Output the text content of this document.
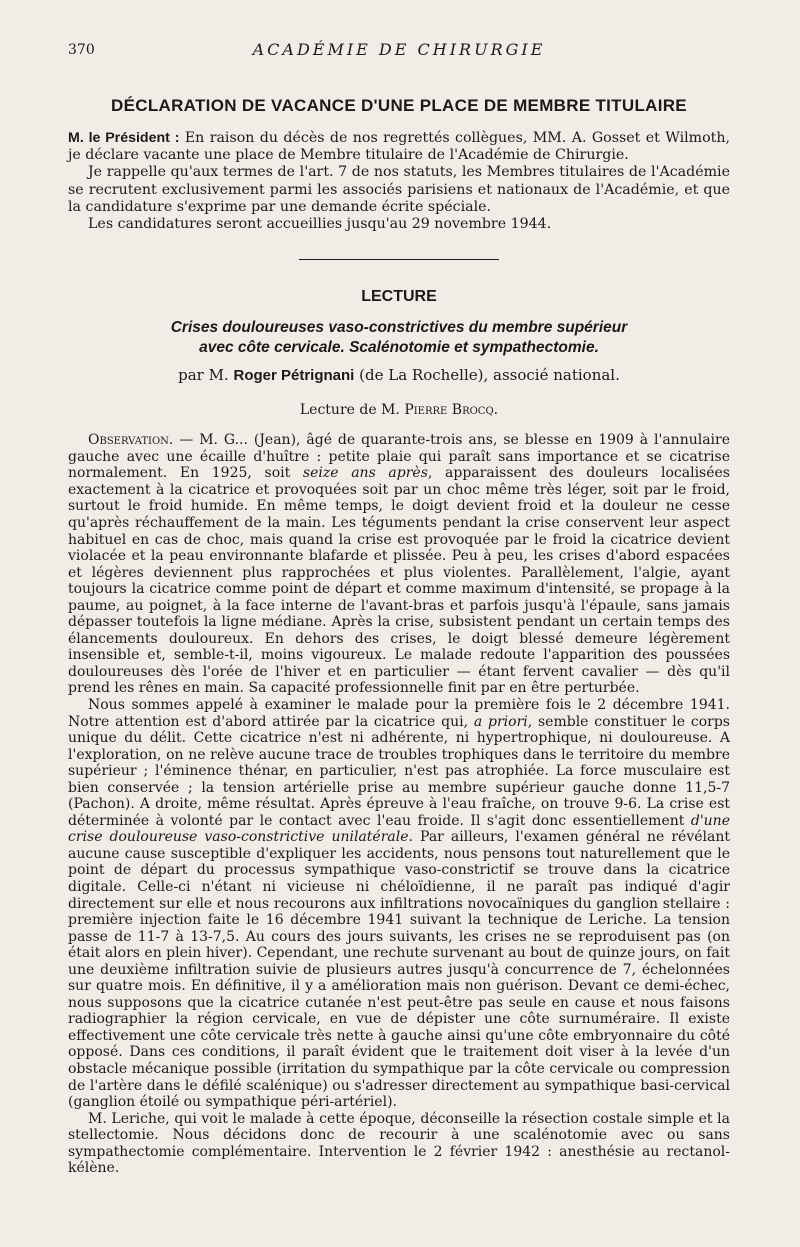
370	ACADÉMIE DE CHIRURGIE
DÉCLARATION DE VACANCE D'UNE PLACE DE MEMBRE TITULAIRE

M. le Président : En raison du décès de nos regrettés collègues, MM. A. Gosset et Wilmoth, je déclare vacante une place de Membre titulaire de l'Académie de Chirurgie.

Je rappelle qu'aux termes de l'art. 7 de nos statuts, les Membres titulaires de l'Académie se recrutent exclusivement parmi les associés parisiens et nationaux de l'Académie, et que la candidature s'exprime par une demande écrite spéciale.

Les candidatures seront accueillies jusqu'au 29 novembre 1944.

LECTURE
Crises douloureuses vaso-constrictives du membre supérieur
avec côte cervicale. Scalénotomie et sympathectomie.
par M. Roger Pétrignani (de La Rochelle), associé national.
Lecture de M. Pierre Brocq.

Observation. — M. G... (Jean), âgé de quarante-trois ans, se blesse en 1909 à l'annulaire gauche avec une écaille d'huître : petite plaie qui paraît sans importance et se cicatrise normalement. En 1925, soit seize ans après, apparaissent des douleurs localisées exactement à la cicatrice et provoquées soit par un choc même très léger, soit par le froid, surtout le froid humide. En même temps, le doigt devient froid et la douleur ne cesse qu'après réchauffement de la main. Les téguments pendant la crise conservent leur aspect habituel en cas de choc, mais quand la crise est provoquée par le froid la cicatrice devient violacée et la peau environnante blafarde et plissée. Peu à peu, les crises d'abord espacées et légères deviennent plus rapprochées et plus violentes. Parallèlement, l'algie, ayant toujours la cicatrice comme point de départ et comme maximum d'intensité, se propage à la paume, au poignet, à la face interne de l'avant-bras et parfois jusqu'à l'épaule, sans jamais dépasser toutefois la ligne médiane. Après la crise, subsistent pendant un certain temps des élancements douloureux. En dehors des crises, le doigt blessé demeure légèrement insensible et, semble-t-il, moins vigoureux. Le malade redoute l'apparition des poussées douloureuses dès l'orée de l'hiver et en particulier — étant fervent cavalier — dès qu'il prend les rênes en main. Sa capacité professionnelle finit par en être perturbée.

Nous sommes appelé à examiner le malade pour la première fois le 2 décembre 1941. Notre attention est d'abord attirée par la cicatrice qui, a priori, semble constituer le corps unique du délit. Cette cicatrice n'est ni adhérente, ni hypertrophique, ni douloureuse. A l'exploration, on ne relève aucune trace de troubles trophiques dans le territoire du membre supérieur ; l'éminence thénar, en particulier, n'est pas atrophiée. La force musculaire est bien conservée ; la tension artérielle prise au membre supérieur gauche donne 11,5-7 (Pachon). A droite, même résultat. Après épreuve à l'eau fraîche, on trouve 9-6. La crise est déterminée à volonté par le contact avec l'eau froide. Il s'agit donc essentiellement d'une crise douloureuse vaso-constrictive unilatérale. Par ailleurs, l'examen général ne révélant aucune cause susceptible d'expliquer les accidents, nous pensons tout naturellement que le point de départ du processus sympathique vaso-constrictif se trouve dans la cicatrice digitale. Celle-ci n'étant ni vicieuse ni chéloïdienne, il ne paraît pas indiqué d'agir directement sur elle et nous recourons aux infiltrations novocaïniques du ganglion stellaire : première injection faite le 16 décembre 1941 suivant la technique de Leriche. La tension passe de 11-7 à 13-7,5. Au cours des jours suivants, les crises ne se reproduisent pas (on était alors en plein hiver). Cependant, une rechute survenant au bout de quinze jours, on fait une deuxième infiltration suivie de plusieurs autres jusqu'à concurrence de 7, échelonnées sur quatre mois. En définitive, il y a amélioration mais non guérison. Devant ce demi-échec, nous supposons que la cicatrice cutanée n'est peut-être pas seule en cause et nous faisons radiographier la région cervicale, en vue de dépister une côte surnuméraire. Il existe effectivement une côte cervicale très nette à gauche ainsi qu'une côte embryonnaire du côté opposé. Dans ces conditions, il paraît évident que le traitement doit viser à la levée d'un obstacle mécanique possible (irritation du sympathique par la côte cervicale ou compression de l'artère dans le défilé scalénique) ou s'adresser directement au sympathique basi-cervical (ganglion étoilé ou sympathique péri-artériel).

M. Leriche, qui voit le malade à cette époque, déconseille la résection costale simple et la stellectomie. Nous décidons donc de recourir à une scalénotomie avec ou sans sympathectomie complémentaire. Intervention le 2 février 1942 : anesthésie au rectanol-kélène.
